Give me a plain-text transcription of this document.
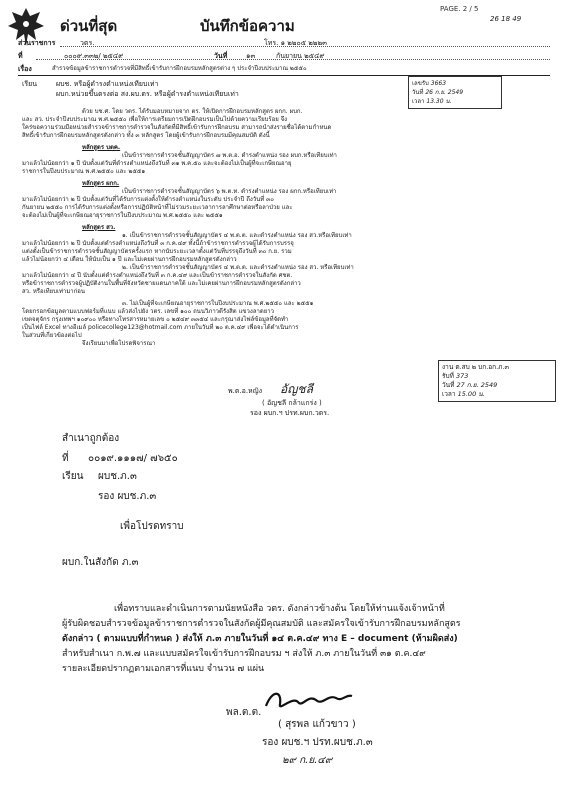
ด่วนที่สุด	บันทึกข้อความ
PAGE. 2 / 5
26 18 49
ส่วนราชการ	วตร.	โทร. ๑ ๒๒๐๕ ๒๒๒๓
ที่	๐๐๐๙.๓๓๒/ ๒๕๔๙	วันที่	๑๓	กันยายน ๒๕๔๙
เรื่อง	สำรวจข้อมูลข้าราชการตำรวจที่มีสิทธิ์เข้ารับการฝึกอบรมหลักสูตรต่าง ๆ ประจำปีงบประมาณ ๒๕๕๐
เรียน	ผบช. หรือผู้ดำรงตำแหน่งเทียบเท่า
ผบก.หน่วยขึ้นตรงต่อ สง.ผบ.ตร. หรือผู้ดำรงตำแหน่งเทียบเท่า
เลขรับ 3663
วันที่ 26 ก.ย. 2549
เวลา 13.30 น.
ด้วย บช.ศ. โดย วตร. ได้รับมอบหมายจาก ตร. ให้เปิดการฝึกอบรมหลักสูตร ผกก. ผบก.
และ สว. ประจำปีงบประมาณ พ.ศ.๒๕๕๐ เพื่อให้การเตรียมการเปิดฝึกอบรมเป็นไปด้วยความเรียบร้อย จึง
ใคร่ขอความร่วมมือหน่วยสำรวจข้าราชการตำรวจในสังกัดที่มีสิทธิ์เข้ารับการฝึกอบรม สามารถนำส่งรายชื่อได้ตามกำหนด
สิทธิ์เข้ารับการฝึกอบรมหลักสูตรดังกล่าว ทั้ง ๓ หลักสูตร โดยผู้เข้ารับการฝึกอบรมมีคุณสมบัติ ดังนี้
หลักสูตร บตค.
เป็นข้าราชการตำรวจชั้นสัญญาบัตร ๗ พ.ต.อ. ดำรงตำแหน่ง รอง ผบก.หรือเทียบเท่า
มาแล้วไม่น้อยกว่า ๑ ปี นับตั้งแต่วันที่ดำรงตำแหน่งถึงวันที่ ๓๑ พ.ค.๕๐ และจะต้องไม่เป็นผู้ที่จะเกษียณอายุ
ราชการในปีงบประมาณ พ.ศ.๒๕๕๐ และ ๒๕๕๑
หลักสูตร ผกก.
เป็นข้าราชการตำรวจชั้นสัญญาบัตร ๖ พ.ต.ท. ดำรงตำแหน่ง รอง ผกก.หรือเทียบเท่า
มาแล้วไม่น้อยกว่า ๒ ปี นับตั้งแต่วันที่ได้รับการแต่งตั้งให้ดำรงตำแหน่งในระดับ ประจำปี ถึงวันที่ ๓๐
กันยายน ๒๕๕๐ การได้รับการแต่งตั้งหรือการปฏิบัติหน้าที่ไม่รวมระยะเวลาการลาศึกษาต่อหรือลาป่วย และ
จะต้องไม่เป็นผู้ที่จะเกษียณอายุราชการในปีงบประมาณ พ.ศ.๒๕๕๐ และ ๒๕๕๑
หลักสูตร สว.
๑. เป็นข้าราชการตำรวจชั้นสัญญาบัตร ๔ พ.ต.ต. และดำรงตำแหน่ง รอง สว.หรือเทียบเท่า
มาแล้วไม่น้อยกว่า ๒ ปี นับตั้งแต่ดำรงตำแหน่งถึงวันที่ ๓ ก.ค.๔๙ ทั้งนี้ถ้าข้าราชการตำรวจผู้ได้รับการบรรจุ
แต่งตั้งเป็นข้าราชการตำรวจชั้นสัญญาบัตรครั้งแรก หากนับระยะเวลาตั้งแต่วันที่บรรจุถึงวันที่ ๓๐ ก.ย. รวม
แล้วไม่น้อยกว่า ๔ เดือน ให้นับเป็น ๑ ปี และไม่เคยผ่านการฝึกอบรมหลักสูตรดังกล่าว
๒. เป็นข้าราชการตำรวจชั้นสัญญาบัตร ๔ พ.ต.ต. และดำรงตำแหน่ง รอง สว. หรือเทียบเท่า
มาแล้วไม่น้อยกว่า ๔ ปี นับตั้งแต่ดำรงตำแหน่งถึงวันที่ ๓ ก.ค.๔๙ และเป็นข้าราชการตำรวจในสังกัด ศชต.
หรือข้าราชการตำรวจผู้ปฏิบัติงานในพื้นที่จังหวัดชายแดนภาคใต้ และไม่เคยผ่านการฝึกอบรมหลักสูตรดังกล่าว
สว. หรือเทียบเท่ามาก่อน
๓. ไม่เป็นผู้ที่จะเกษียณอายุราชการในปีงบประมาณ พ.ศ.๒๕๕๐ และ ๒๕๕๑
โดยกรอกข้อมูลตามแบบฟอร์มที่แนบ แล้วส่งไปยัง วตร. เลขที่ ๑๐๐ ถนนวิภาวดีรังสิต แขวงลาดยาว
เขตจตุจักร กรุงเทพฯ ๑๐๙๐๐ หรือทางโทรสารหมายเลข ๐ ๒๕๔๙ ๓๓๕๔ และกรุณาส่งไฟล์ข้อมูลที่จัดทำ
เป็นไฟล์ Excel ทางอีเมล์ policecollege123@hotmail.com ภายในวันที่ ๒๐ ต.ค.๔๙ เพื่อจะได้ดำเนินการ
ในส่วนที่เกี่ยวข้องต่อไป
จึงเรียนมาเพื่อโปรดพิจารณา
พ.ต.อ.หญิง อัญชลี
( อัญชลี กล้าแกร่ง )
รอง ผบก.ฯ ปรท.ผบก.วตร.
งาน ต.สบ ๒ บก.อก.ภ.๓
รับที่ 373
วันที่ 27 ก.ย. 2549
เวลา 15.00 น.
สำเนาถูกต้อง
ที่ ๐๐๑๙.๑๑๑๗/ ๗๖๕๐
เรียน ผบช.ภ.๓
รอง ผบช.ภ.๓
เพื่อโปรดทราบ
ผบก.ในสังกัด ภ.๓
เพื่อทราบและดำเนินการตามนัยหนังสือ วตร. ดังกล่าวข้างต้น โดยให้ท่านแจ้งเจ้าหน้าที่
ผู้รับผิดชอบสำรวจข้อมูลข้าราชการตำรวจในสังกัดผู้มีคุณสมบัติ และสมัครใจเข้ารับการฝึกอบรมหลักสูตร
ดังกล่าว ( ตามแบบที่กำหนด ) ส่งให้ ภ.๓ ภายในวันที่ ๑๔ ต.ค.๔๙ ทาง E – document (ห้ามผิดส่ง)
สำหรับสำเนา ก.พ.๗ และแบบสมัครใจเข้ารับการฝึกอบรม ฯ ส่งให้ ภ.๓ ภายในวันที่ ๓๑ ต.ค.๔๙
รายละเอียดปรากฏตามเอกสารที่แนบ จำนวน ๗ แผ่น
พล.ต.ต.
( สุรพล แก้วขาว )
รอง ผบช.ฯ ปรท.ผบช.ภ.๓
๒๙ ก.ย.๔๙
